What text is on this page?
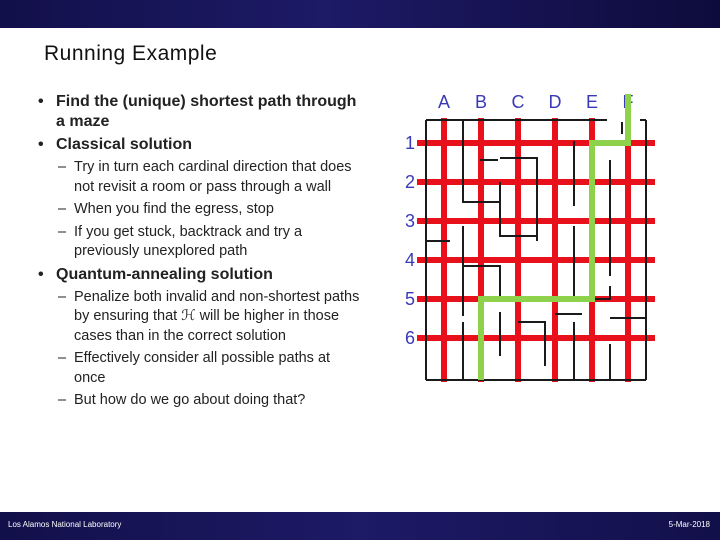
Running Example
• Find the (unique) shortest path through a maze
• Classical solution
– Try in turn each cardinal direction that does not revisit a room or pass through a wall
– When you find the egress, stop
– If you get stuck, backtrack and try a previously unexplored path
• Quantum-annealing solution
– Penalize both invalid and non-shortest paths by ensuring that ℋ will be higher in those cases than in the correct solution
– Effectively consider all possible paths at once
– But how do we go about doing that?
A B C D E F
1
2
3
4
5
6
Los Alamos National Laboratory	5-Mar-2018
